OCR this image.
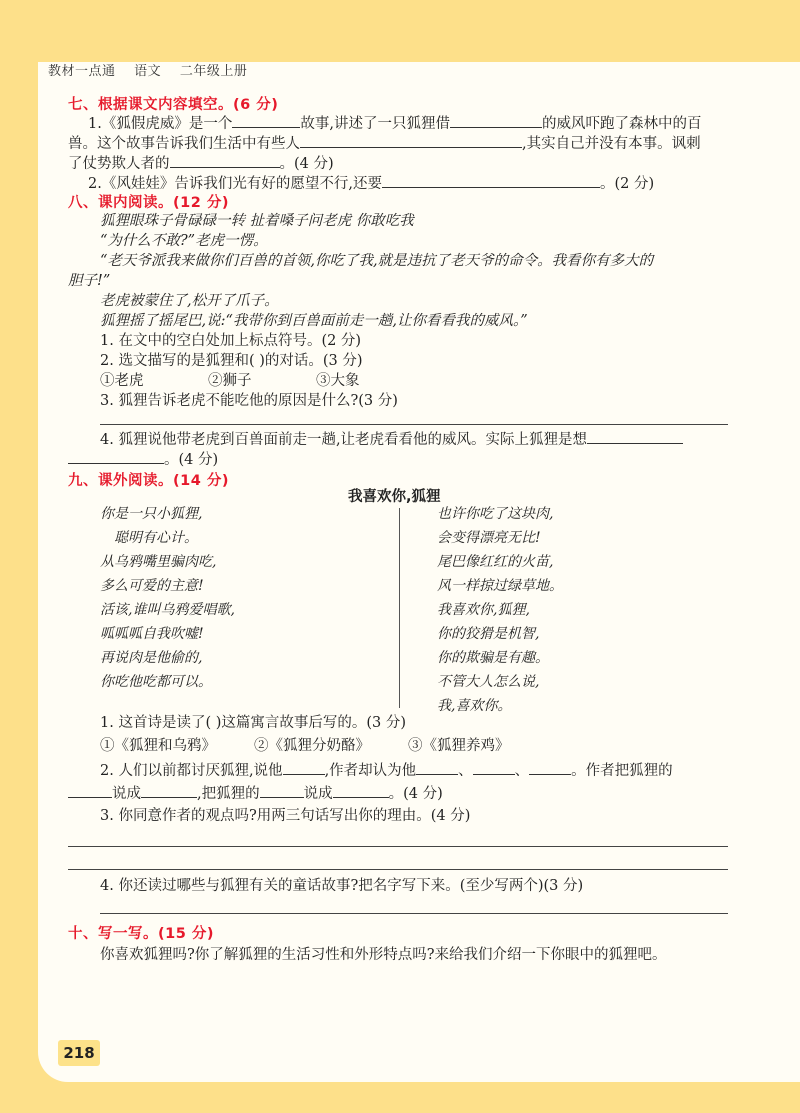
教材一点通 语文 二年级上册
七、根据课文内容填空。(6 分)
1.《狐假虎威》是一个	故事,讲述了一只狐狸借	的威风吓跑了森林中的百
兽。这个故事告诉我们生活中有些人	,其实自己并没有本事。讽刺
了仗势欺人者的	。(4 分)
2.《风娃娃》告诉我们光有好的愿望不行,还要	。(2 分)
八、课内阅读。(12 分)
狐狸眼珠子骨碌碌一转 扯着嗓子问老虎 你敢吃我
“为什么不敢?”老虎一愣。
“老天爷派我来做你们百兽的首领,你吃了我,就是违抗了老天爷的命令。我看你有多大的
胆子!”
老虎被蒙住了,松开了爪子。
狐狸摇了摇尾巴,说:“我带你到百兽面前走一趟,让你看看我的威风。”
1. 在文中的空白处加上标点符号。(2 分)
2. 选文描写的是狐狸和( )的对话。(3 分)
①老虎	②狮子	③大象
3. 狐狸告诉老虎不能吃他的原因是什么?(3 分)
4. 狐狸说他带老虎到百兽面前走一趟,让老虎看看他的威风。实际上狐狸是想
。(4 分)
九、课外阅读。(14 分)
我喜欢你,狐狸
你是一只小狐狸,
聪明有心计。
从乌鸦嘴里骗肉吃,
多么可爱的主意!
活该,谁叫乌鸦爱唱歌,
呱呱呱自我吹嘘!
再说肉是他偷的,
你吃他吃都可以。
也许你吃了这块肉,
会变得漂亮无比!
尾巴像红红的火苗,
风一样掠过绿草地。
我喜欢你,狐狸,
你的狡猾是机智,
你的欺骗是有趣。
不管大人怎么说,
我,喜欢你。
1. 这首诗是读了( )这篇寓言故事后写的。(3 分)
①《狐狸和乌鸦》	②《狐狸分奶酪》	③《狐狸养鸡》
2. 人们以前都讨厌狐狸,说他	,作者却认为他	、	、	。作者把狐狸的
说成	,把狐狸的	说成	。(4 分)
3. 你同意作者的观点吗?用两三句话写出你的理由。(4 分)
4. 你还读过哪些与狐狸有关的童话故事?把名字写下来。(至少写两个)(3 分)
十、写一写。(15 分)
你喜欢狐狸吗?你了解狐狸的生活习性和外形特点吗?来给我们介绍一下你眼中的狐狸吧。
218
